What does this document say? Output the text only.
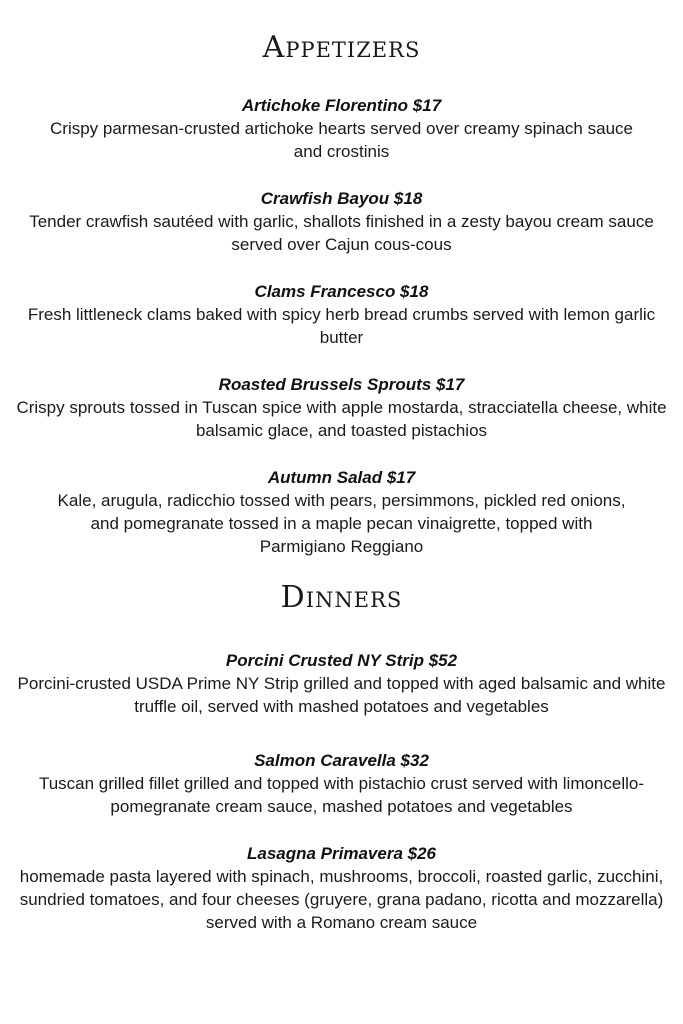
Appetizers

Artichoke Florentino $17

Crispy parmesan-crusted artichoke hearts served over creamy spinach sauce and crostinis

Crawfish Bayou $18

Tender crawfish sautéed with garlic, shallots finished in a zesty bayou cream sauce served over Cajun cous-cous

Clams Francesco $18

Fresh littleneck clams baked with spicy herb bread crumbs served with lemon garlic butter

Roasted Brussels Sprouts $17

Crispy sprouts tossed in Tuscan spice with apple mostarda, stracciatella cheese, white balsamic glace, and toasted pistachios

Autumn Salad $17

Kale, arugula, radicchio tossed with pears, persimmons, pickled red onions, and pomegranate tossed in a maple pecan vinaigrette, topped with Parmigiano Reggiano

Dinners

Porcini Crusted NY Strip $52

Porcini-crusted USDA Prime NY Strip grilled and topped with aged balsamic and white truffle oil, served with mashed potatoes and vegetables

Salmon Caravella $32

Tuscan grilled fillet grilled and topped with pistachio crust served with limoncello-pomegranate cream sauce, mashed potatoes and vegetables

Lasagna Primavera $26

homemade pasta layered with spinach, mushrooms, broccoli, roasted garlic, zucchini, sundried tomatoes, and four cheeses (gruyere, grana padano, ricotta and mozzarella) served with a Romano cream sauce
